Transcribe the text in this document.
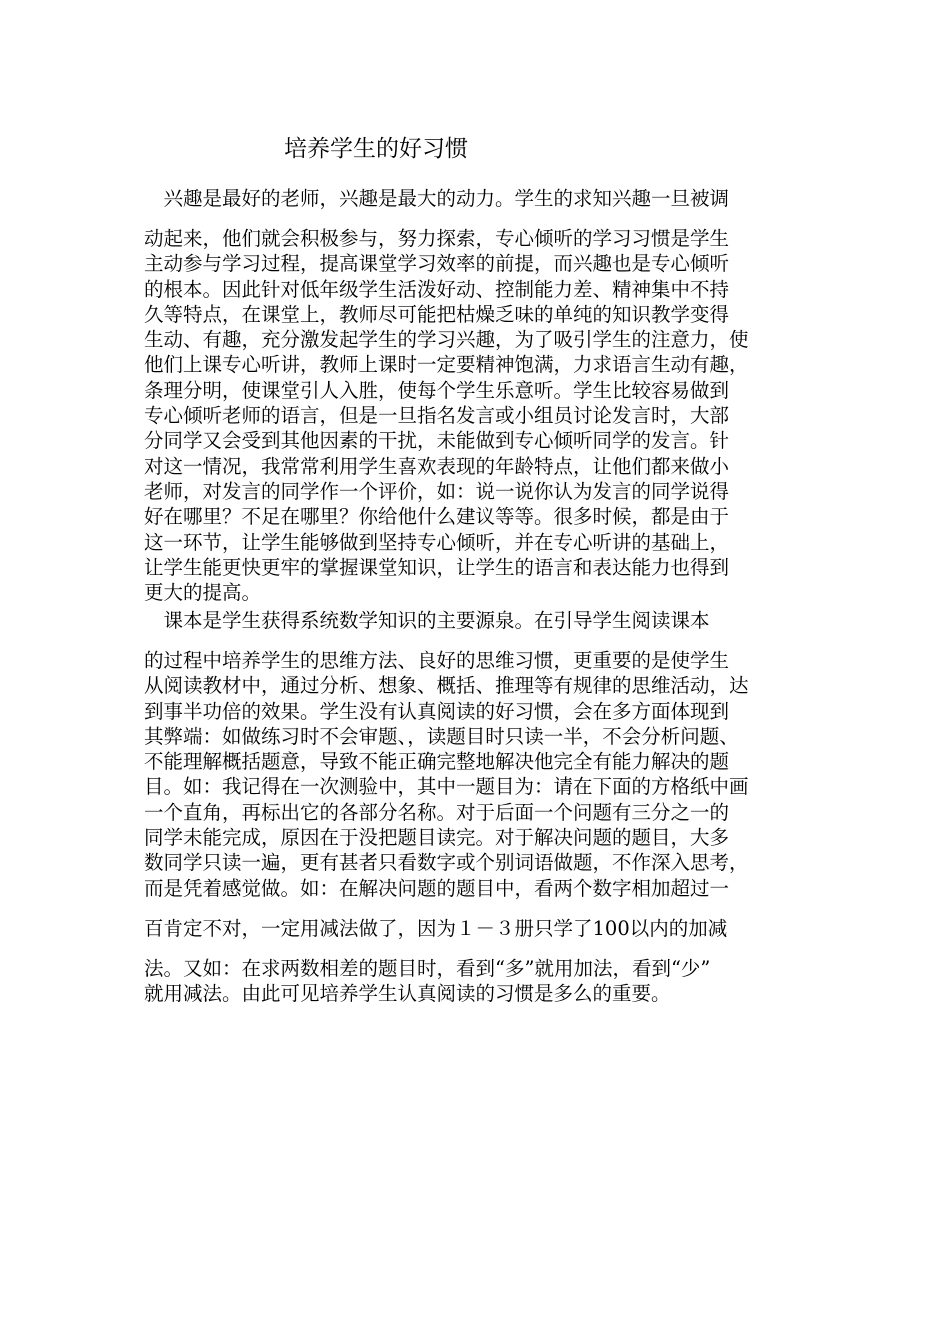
培养学生的好习惯
　兴趣是最好的老师，兴趣是最大的动力。学生的求知兴趣一旦被调
动起来，他们就会积极参与，努力探索，专心倾听的学习习惯是学生
主动参与学习过程，提高课堂学习效率的前提，而兴趣也是专心倾听
的根本。因此针对低年级学生活泼好动、控制能力差、精神集中不持
久等特点，在课堂上，教师尽可能把枯燥乏味的单纯的知识教学变得
生动、有趣，充分激发起学生的学习兴趣，为了吸引学生的注意力，使
他们上课专心听讲，教师上课时一定要精神饱满，力求语言生动有趣，
条理分明，使课堂引人入胜，使每个学生乐意听。学生比较容易做到
专心倾听老师的语言，但是一旦指名发言或小组员讨论发言时，大部
分同学又会受到其他因素的干扰，未能做到专心倾听同学的发言。针
对这一情况，我常常利用学生喜欢表现的年龄特点，让他们都来做小
老师，对发言的同学作一个评价，如：说一说你认为发言的同学说得
好在哪里？不足在哪里？你给他什么建议等等。很多时候，都是由于
这一环节，让学生能够做到坚持专心倾听，并在专心听讲的基础上，
让学生能更快更牢的掌握课堂知识，让学生的语言和表达能力也得到
更大的提高。
　课本是学生获得系统数学知识的主要源泉。在引导学生阅读课本
的过程中培养学生的思维方法、良好的思维习惯，更重要的是使学生
从阅读教材中，通过分析、想象、概括、推理等有规律的思维活动，达
到事半功倍的效果。学生没有认真阅读的好习惯，会在多方面体现到
其弊端：如做练习时不会审题、，读题目时只读一半，不会分析问题、
不能理解概括题意，导致不能正确完整地解决他完全有能力解决的题
目。如：我记得在一次测验中，其中一题目为：请在下面的方格纸中画
一个直角，再标出它的各部分名称。对于后面一个问题有三分之一的
同学未能完成，原因在于没把题目读完。对于解决问题的题目，大多
数同学只读一遍，更有甚者只看数字或个别词语做题，不作深入思考，
而是凭着感觉做。如：在解决问题的题目中，看两个数字相加超过一
百肯定不对，一定用减法做了，因为１－３册只学了100以内的加减
法。又如：在求两数相差的题目时，看到“多”就用加法，看到“少”
就用减法。由此可见培养学生认真阅读的习惯是多么的重要。
